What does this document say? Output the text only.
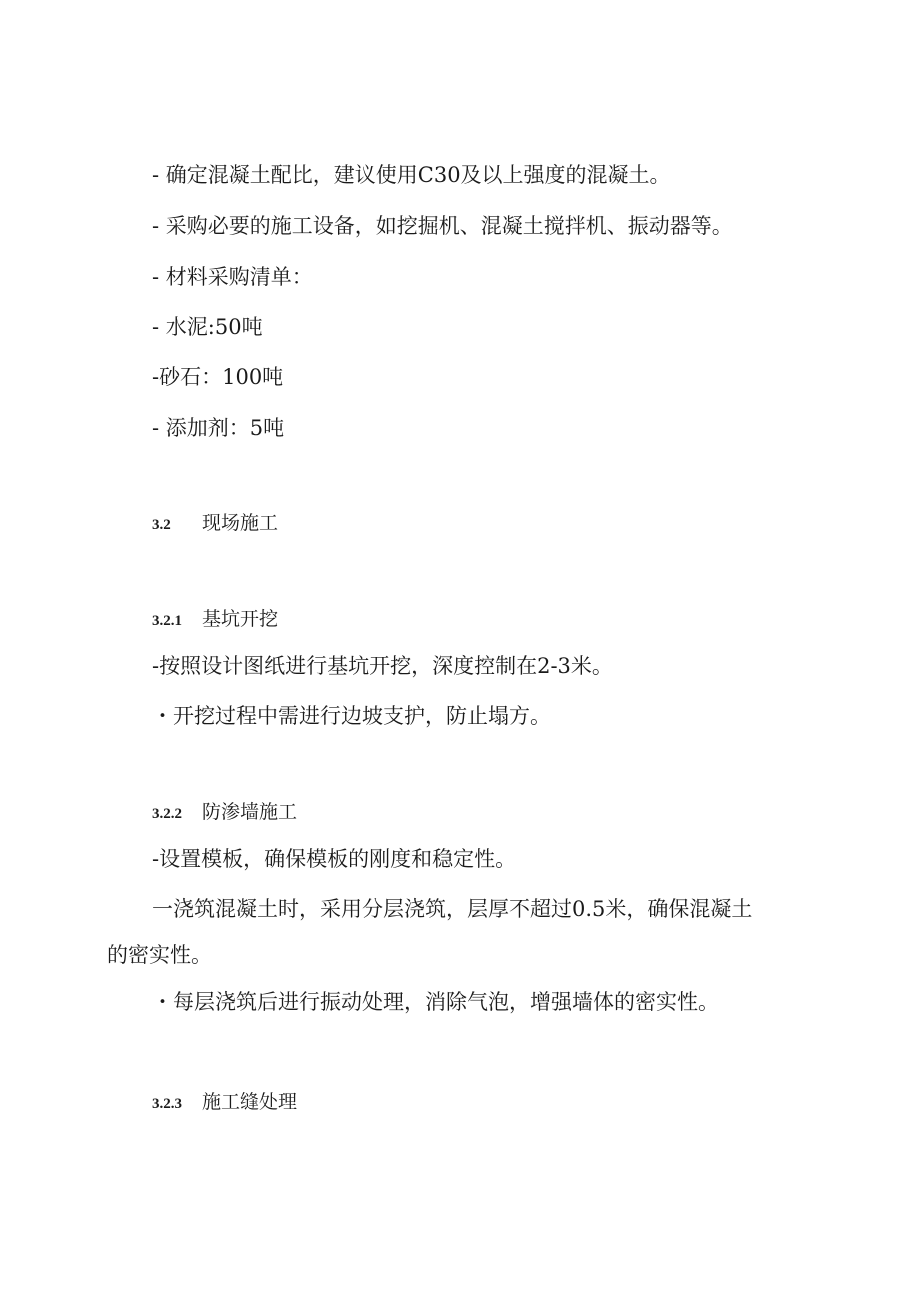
- 确定混凝土配比，建议使用C30及以上强度的混凝土。
- 采购必要的施工设备，如挖掘机、混凝土搅拌机、振动器等。
- 材料采购清单：
- 水泥:50吨
-砂石：100吨
- 添加剂：5吨
3.2 现场施工
3.2.1 基坑开挖
-按照设计图纸进行基坑开挖，深度控制在2-3米。
・开挖过程中需进行边坡支护，防止塌方。
3.2.2 防渗墙施工
-设置模板，确保模板的刚度和稳定性。
一浇筑混凝土时，采用分层浇筑，层厚不超过0.5米，确保混凝土
的密实性。
・每层浇筑后进行振动处理，消除气泡，增强墙体的密实性。
3.2.3 施工缝处理
